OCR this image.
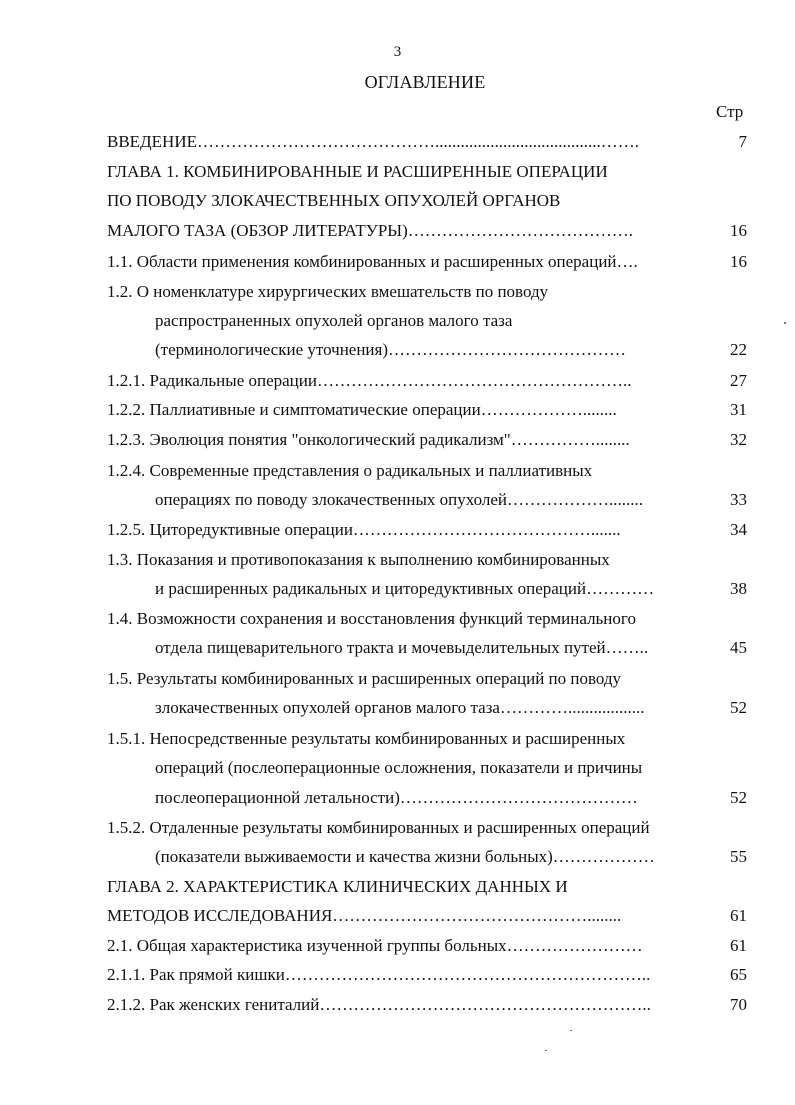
3
ОГЛАВЛЕНИЕ
Стр
ВВЕДЕНИЕ…………………………………….......................................…….	7
ГЛАВА 1. КОМБИНИРОВАННЫЕ И РАСШИРЕННЫЕ ОПЕРАЦИИ
ПО ПОВОДУ ЗЛОКАЧЕСТВЕННЫХ ОПУХОЛЕЙ ОРГАНОВ
МАЛОГО ТАЗА (ОБЗОР ЛИТЕРАТУРЫ)………………………………….	16
1.1. Области применения комбинированных и расширенных операций….	16
1.2. О номенклатуре хирургических вмешательств по поводу
распространенных опухолей органов малого таза
(терминологические уточнения)……………………………………	22
1.2.1. Радикальные операции………………………………………………..	27
1.2.2. Паллиативные и симптоматические операции………………........	31
1.2.3. Эволюция понятия "онкологический радикализм"……………........	32
1.2.4. Современные представления о радикальных и паллиативных
операциях по поводу злокачественных опухолей………………........	33
1.2.5. Циторедуктивные операции…………………………………….......	34
1.3. Показания и противопоказания к выполнению комбинированных
и расширенных радикальных и циторедуктивных операций…………	38
1.4. Возможности сохранения и восстановления функций терминального
отдела пищеварительного тракта и мочевыделительных путей……..	45
1.5. Результаты комбинированных и расширенных операций по поводу
злокачественных опухолей органов малого таза…………..................	52
1.5.1. Непосредственные результаты комбинированных и расширенных
операций (послеоперационные осложнения, показатели и причины
послеоперационной летальности)……………………………………	52
1.5.2. Отдаленные результаты комбинированных и расширенных операций
(показатели выживаемости и качества жизни больных)………………	55
ГЛАВА 2. ХАРАКТЕРИСТИКА КЛИНИЧЕСКИХ ДАННЫХ И
МЕТОДОВ ИССЛЕДОВАНИЯ………………………………………........	61
2.1. Общая характеристика изученной группы больных……………………	61
2.1.1. Рак прямой кишки………………………………………………………..	65
2.1.2. Рак женских гениталий…………………………………………………..	70
